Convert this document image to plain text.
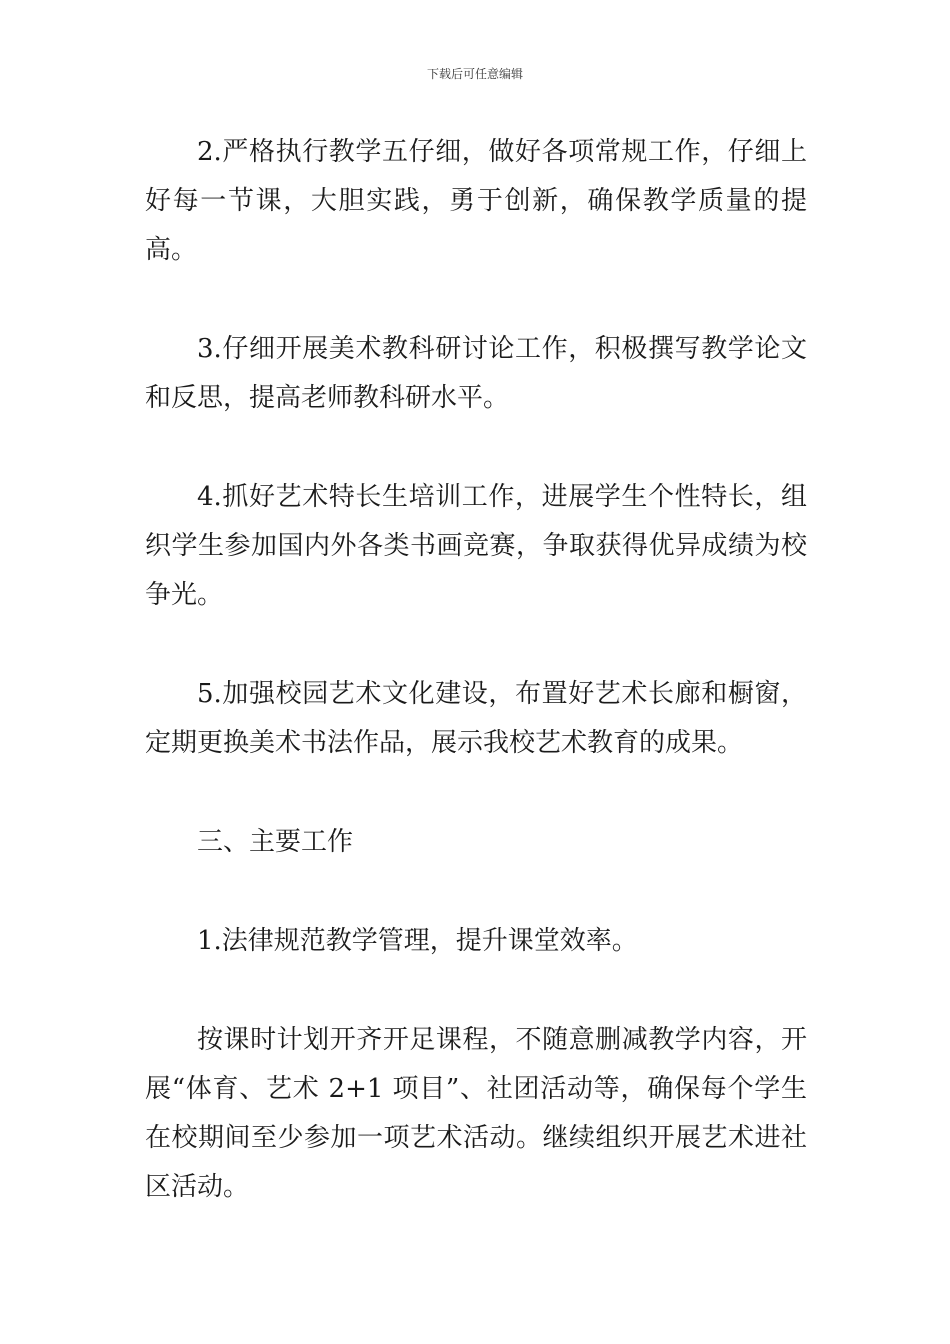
下载后可任意编辑

2.严格执行教学五仔细，做好各项常规工作，仔细上好每一节课，大胆实践，勇于创新，确保教学质量的提高。

3.仔细开展美术教科研讨论工作，积极撰写教学论文和反思，提高老师教科研水平。

4.抓好艺术特长生培训工作，进展学生个性特长，组织学生参加国内外各类书画竞赛，争取获得优异成绩为校争光。

5.加强校园艺术文化建设，布置好艺术长廊和橱窗，定期更换美术书法作品，展示我校艺术教育的成果。

三、主要工作

1.法律规范教学管理，提升课堂效率。

按课时计划开齐开足课程，不随意删减教学内容，开展“体育、艺术 2+1 项目”、社团活动等，确保每个学生在校期间至少参加一项艺术活动。继续组织开展艺术进社区活动。
